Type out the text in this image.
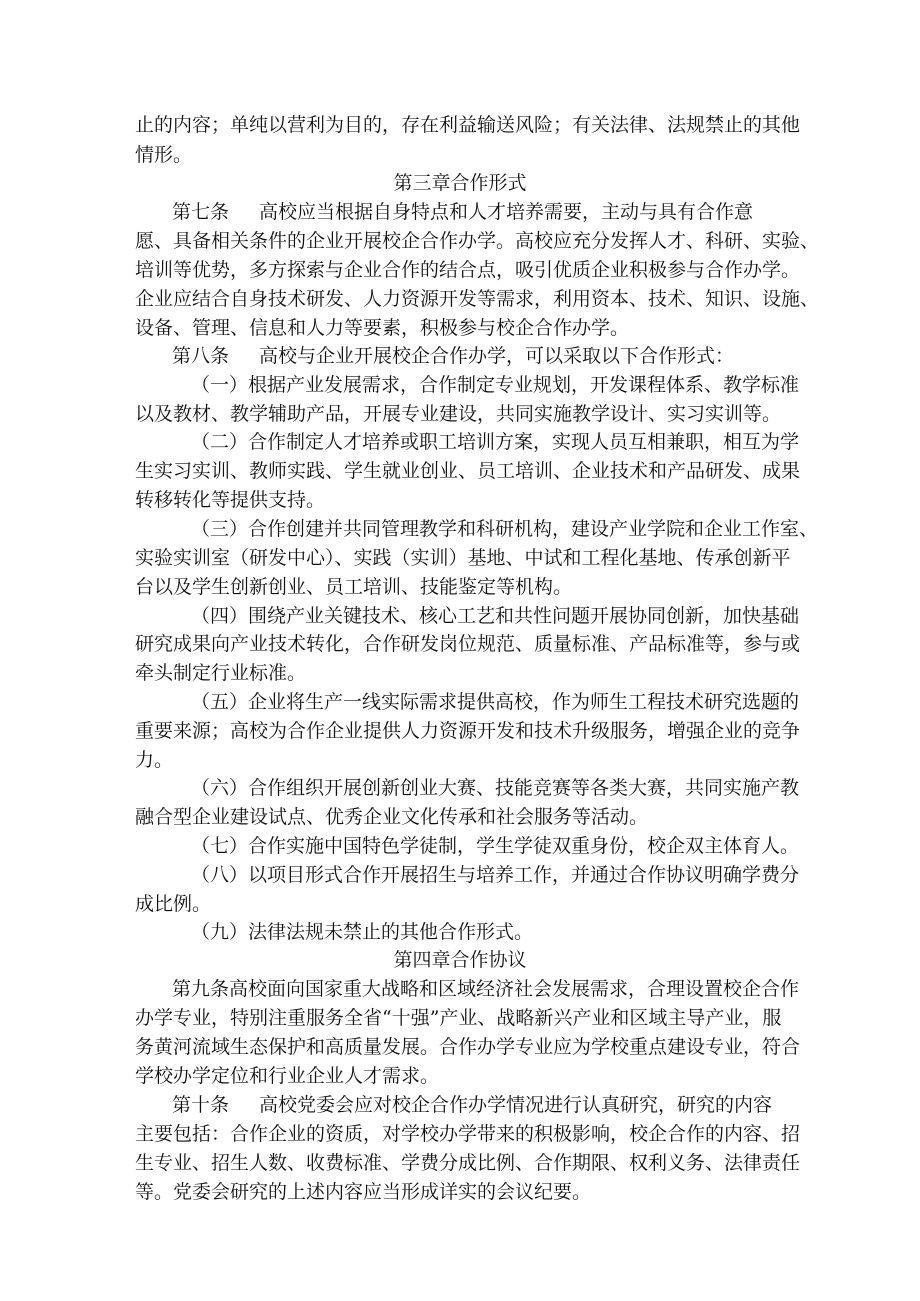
止的内容；单纯以营利为目的，存在利益输送风险；有关法律、法规禁止的其他
情形。
第三章合作形式
第七条 高校应当根据自身特点和人才培养需要，主动与具有合作意
愿、具备相关条件的企业开展校企合作办学。高校应充分发挥人才、科研、实验、
培训等优势，多方探索与企业合作的结合点，吸引优质企业积极参与合作办学。
企业应结合自身技术研发、人力资源开发等需求，利用资本、技术、知识、设施、
设备、管理、信息和人力等要素，积极参与校企合作办学。
第八条 高校与企业开展校企合作办学，可以采取以下合作形式：
（一）根据产业发展需求，合作制定专业规划，开发课程体系、教学标准
以及教材、教学辅助产品，开展专业建设，共同实施教学设计、实习实训等。
（二）合作制定人才培养或职工培训方案，实现人员互相兼职，相互为学
生实习实训、教师实践、学生就业创业、员工培训、企业技术和产品研发、成果
转移转化等提供支持。
（三）合作创建并共同管理教学和科研机构，建设产业学院和企业工作室、
实验实训室（研发中心）、实践（实训）基地、中试和工程化基地、传承创新平
台以及学生创新创业、员工培训、技能鉴定等机构。
（四）围绕产业关键技术、核心工艺和共性问题开展协同创新，加快基础
研究成果向产业技术转化，合作研发岗位规范、质量标准、产品标准等，参与或
牵头制定行业标准。
（五）企业将生产一线实际需求提供高校，作为师生工程技术研究选题的
重要来源；高校为合作企业提供人力资源开发和技术升级服务，增强企业的竞争
力。
（六）合作组织开展创新创业大赛、技能竞赛等各类大赛，共同实施产教
融合型企业建设试点、优秀企业文化传承和社会服务等活动。
（七）合作实施中国特色学徒制，学生学徒双重身份，校企双主体育人。
（八）以项目形式合作开展招生与培养工作，并通过合作协议明确学费分
成比例。
（九）法律法规未禁止的其他合作形式。
第四章合作协议
第九条高校面向国家重大战略和区域经济社会发展需求，合理设置校企合作
办学专业，特别注重服务全省“十强”产业、战略新兴产业和区域主导产业，服
务黄河流域生态保护和高质量发展。合作办学专业应为学校重点建设专业，符合
学校办学定位和行业企业人才需求。
第十条 高校党委会应对校企合作办学情况进行认真研究，研究的内容
主要包括：合作企业的资质，对学校办学带来的积极影响，校企合作的内容、招
生专业、招生人数、收费标准、学费分成比例、合作期限、权利义务、法律责任
等。党委会研究的上述内容应当形成详实的会议纪要。
